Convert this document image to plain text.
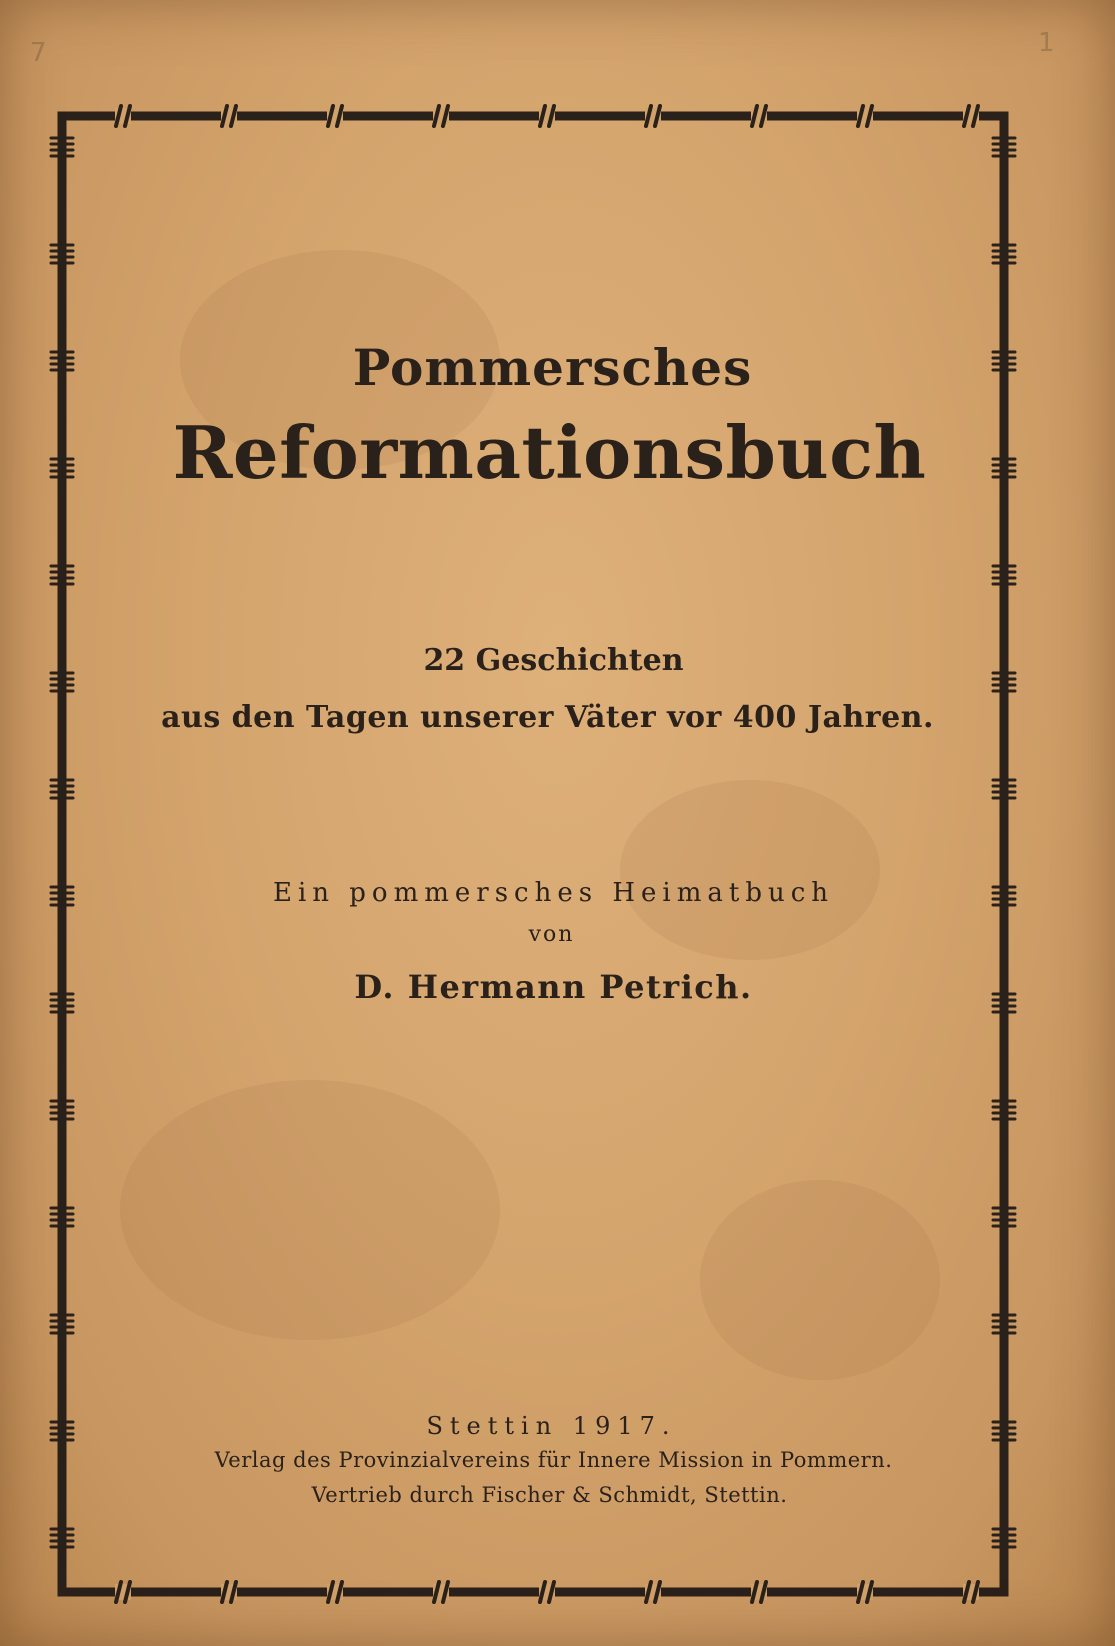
7	1
Pommersches
Reformationsbuch
22 Geschichten
aus den Tagen unserer Väter vor 400 Jahren.
Ein pommersches Heimatbuch
von
D. Hermann Petrich.
Stettin 1917.
Verlag des Provinzialvereins für Innere Mission in Pommern.
Vertrieb durch Fischer & Schmidt, Stettin.
